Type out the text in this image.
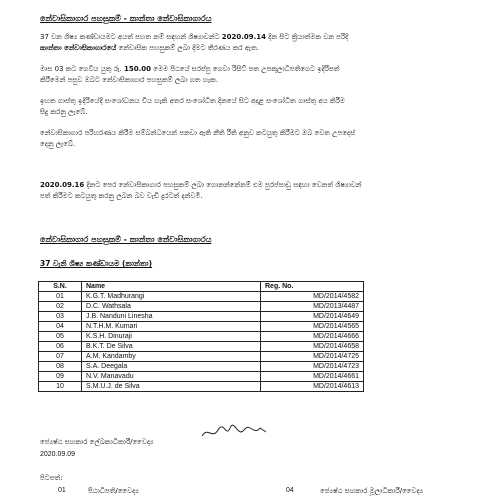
නේවාසිකාගාර පහසුකම් - කාන්තා නේවාසිකාගාරය
37 වන ශිෂ්‍ය කණ්ඩායමට අයත් පහත නම් සඳහන් ශිෂ්‍යාවන්ට 2020.09.14 දින සිට ක්‍රියාත්මක වන පරිදි
කාන්තා නේවාසිකාගාරයේ නේවාසික පහසුකම් ලබා දීමට තීරණය කර ඇත.
මාස 03 කට ගෙවිය යුතු රු. 150.00 මෙම පීඨයේ සරප්පු ගෙවා රිසිට් පත උපකුලාධිපතිගෙට ඉදිරිපත්
කිරීමෙන් පසුව ඔබට නේවාසිකාගාර පහසුකම් ලබා ගත හැක.
ඉහත ගාස්තු ඉදිරියේදී සංශෝධනය විය හැකි අතර සංශෝධිත දිනයේ සිට අදාළ සංශෝධිත ගාස්තු අය කිරීම
සිදු කරනු ලැබේ.
නේවාසිකාගාර පරිහරණය කිරීම සම්බන්ධයෙන් පනවා ඇති නීති රීති අනුව කටයුතු කිරීමට ඔබ වෙත උපදෙස්
දෙනු ලැබේ.
2020.09.16 දිනට පෙර නේවාසිකාගාර පහසුකම් ලබා ගොනන්නේනම් එම පුරප්පාඩු සඳහා වෙනත් ශිෂ්‍යාවන්
පත් කිරීමට කටයුතු කරනු ලබන බව වැඩි දුරටත් දන්වමි.
නේවාසිකාගාර පහසුකම් - කාන්තා නේවාසිකාගාරය
37 වැනි ශිෂ්‍ය කණ්ඩායම (කාන්තා)
S.N.	Name	Reg. No.
01	K.G.T. Madhurangi	MD/2014/4582
02	D.C. Wathsala	MD/2013/4487
03	J.B. Nanduni Linesha	MD/2014/4649
04	N.T.H.M. Kumari	MD/2014/4565
05	K.S.H. Dinuraji	MD/2014/4666
06	B.K.T. De Silva	MD/2014/4658
07	A.M. Kandamby	MD/2014/4725
08	S.A. Deegala	MD/2014/4723
09	N.V. Manavadu	MD/2014/4661
10	S.M.U.J. de Silva	MD/2014/4613
ජ්‍යෙෂ්ඨ සහකාර ලේඛකාධිකාරී/වෛද්‍ය
2020.09.09
පිටපත්:
01	පීඨාධිපති/වෛද්‍ය	04	ජ්‍යෙෂ්ඨ සහකාර මූලාධිකාරී/වෛද්‍ය
